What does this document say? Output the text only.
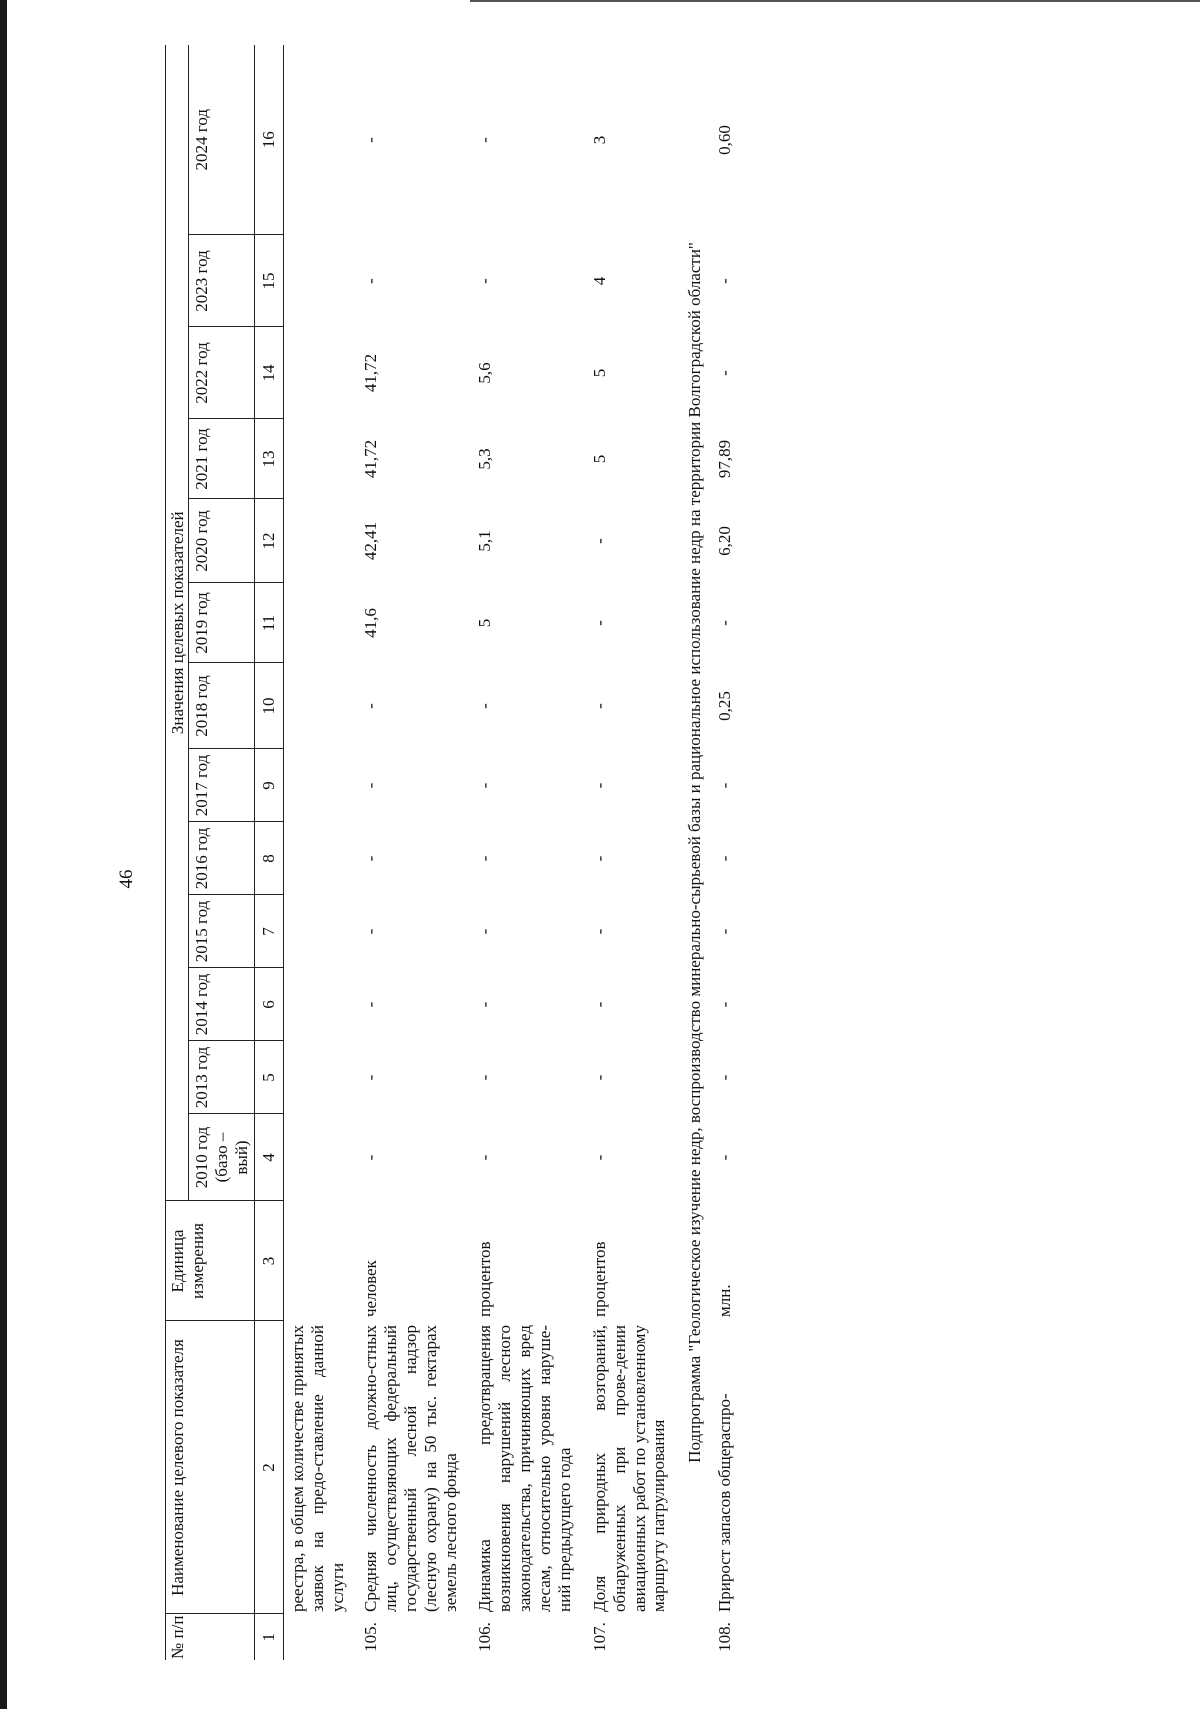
46
№ п/п	Наименование целевого показателя	Единица измерения	Значения целевых показателей												
			2010 год (базо – вый)	2013 год	2014 год	2015 год	2016 год	2017 год	2018 год	2019 год	2020 год	2021 год	2022 год	2023 год	2024 год
1	2	3	4	5	6	7	8	9	10	11	12	13	14	15	16
	реестра, в общем количестве принятых заявок на предо-ставление данной услуги														
105.	Средняя численность должно-стных лиц, осуществляющих федеральный государственный лесной надзор (лесную охрану) на 50 тыс. гектарах земель лесного фонда	человек	-	-	-	-	-	-	-	41,6	42,41	41,72	41,72	-	-
106.	Динамика предотвращения возникновения нарушений лесного законодательства, причиняющих вред лесам, относительно уровня наруше-ний предыдущего года	процентов	-	-	-	-	-	-	-	5	5,1	5,3	5,6	-	-
107.	Доля природных возгораний, обнаруженных при прове-дении авиационных работ по установленному маршруту патрулирования	процентов	-	-	-	-	-	-	-	-	-	5	5	4	3
Подпрограмма "Геологическое изучение недр, воспроизводство минерально-сырьевой базы и рациональное использование недр на территории Волгоградской области"															
108.	Прирост запасов общераспро-	млн.	-	-	-	-	-	-	0,25	-	6,20	97,89	-	-	0,60
